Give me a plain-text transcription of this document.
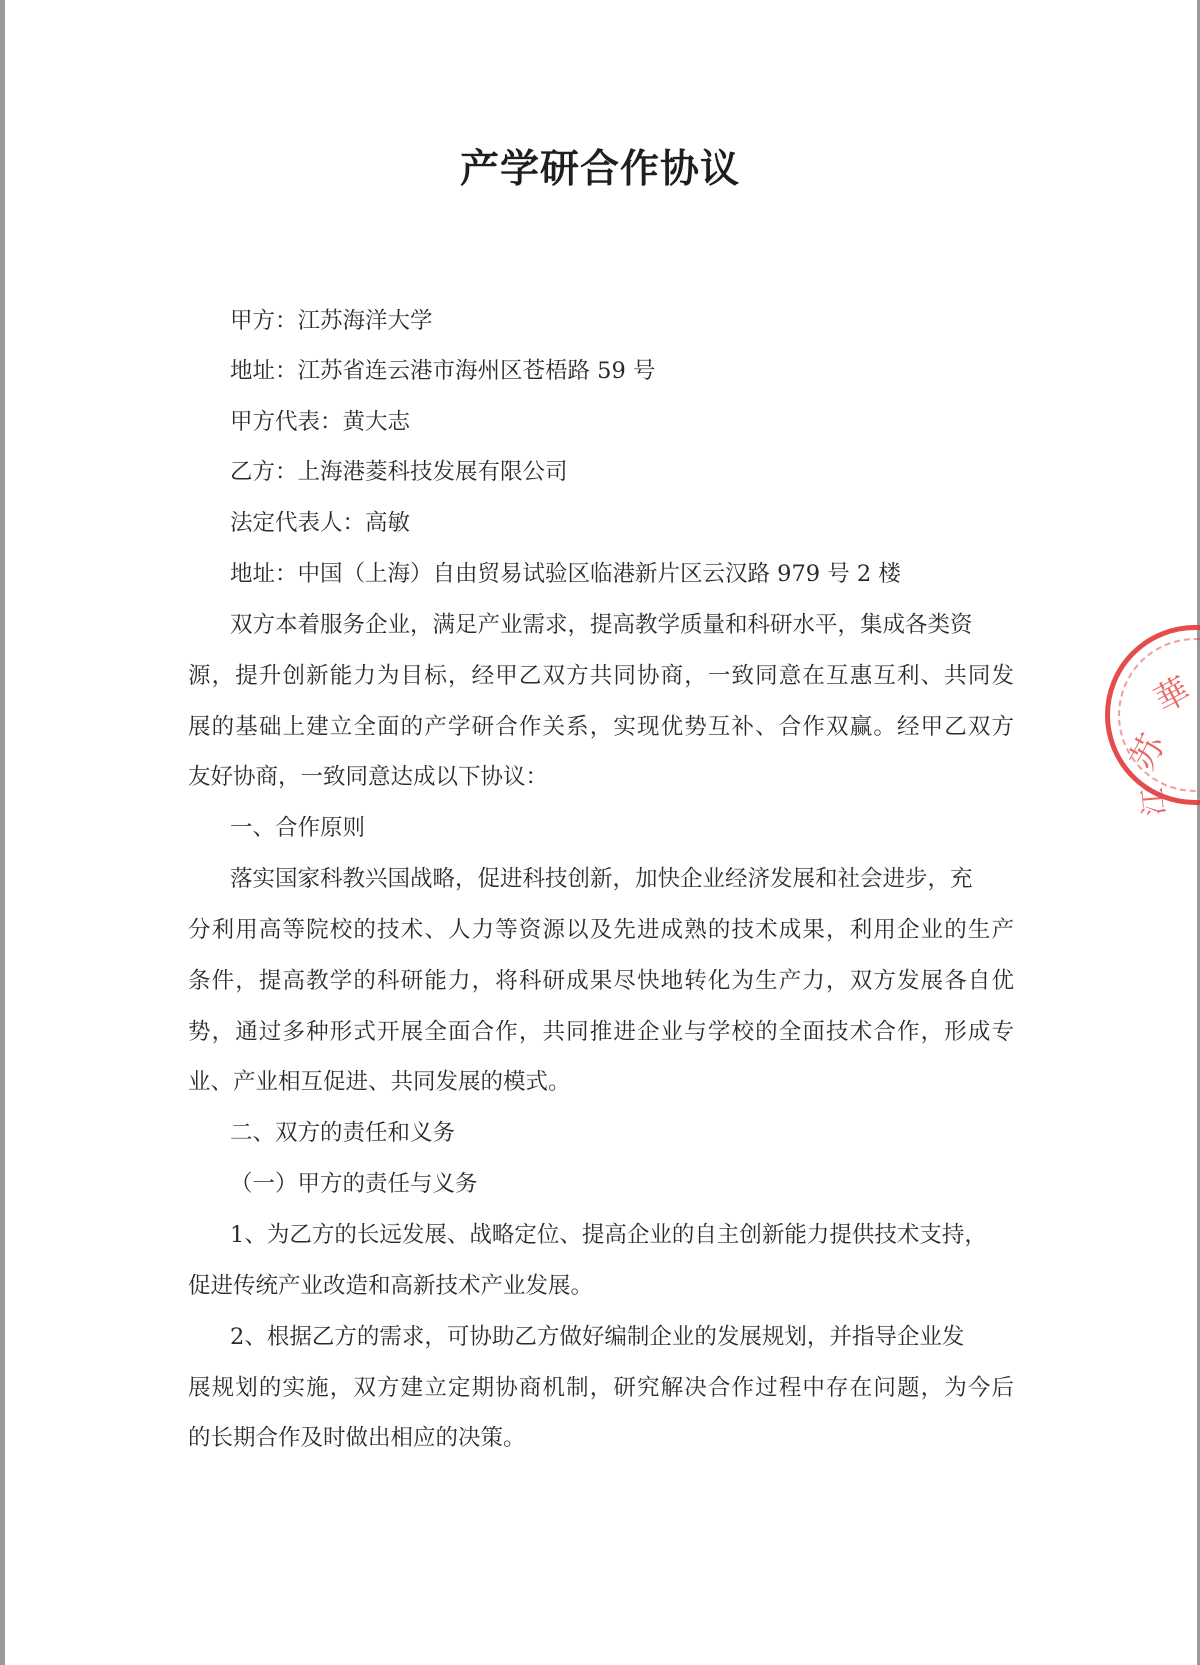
产学研合作协议
甲方：江苏海洋大学
地址：江苏省连云港市海州区苍梧路 59 号
甲方代表：黄大志
乙方：上海港菱科技发展有限公司
法定代表人：高敏
地址：中国（上海）自由贸易试验区临港新片区云汉路 979 号 2 楼
双方本着服务企业，满足产业需求，提高教学质量和科研水平，集成各类资
源，提升创新能力为目标，经甲乙双方共同协商，一致同意在互惠互利、共同发
展的基础上建立全面的产学研合作关系，实现优势互补、合作双赢。经甲乙双方
友好协商，一致同意达成以下协议：
一、合作原则
落实国家科教兴国战略，促进科技创新，加快企业经济发展和社会进步，充
分利用高等院校的技术、人力等资源以及先进成熟的技术成果，利用企业的生产
条件，提高教学的科研能力，将科研成果尽快地转化为生产力，双方发展各自优
势，通过多种形式开展全面合作，共同推进企业与学校的全面技术合作，形成专
业、产业相互促进、共同发展的模式。
二、双方的责任和义务
（一）甲方的责任与义务
1、为乙方的长远发展、战略定位、提高企业的自主创新能力提供技术支持，
促进传统产业改造和高新技术产业发展。
2、根据乙方的需求，可协助乙方做好编制企业的发展规划，并指导企业发
展规划的实施，双方建立定期协商机制，研究解决合作过程中存在问题，为今后
的长期合作及时做出相应的决策。
華
苏
江
